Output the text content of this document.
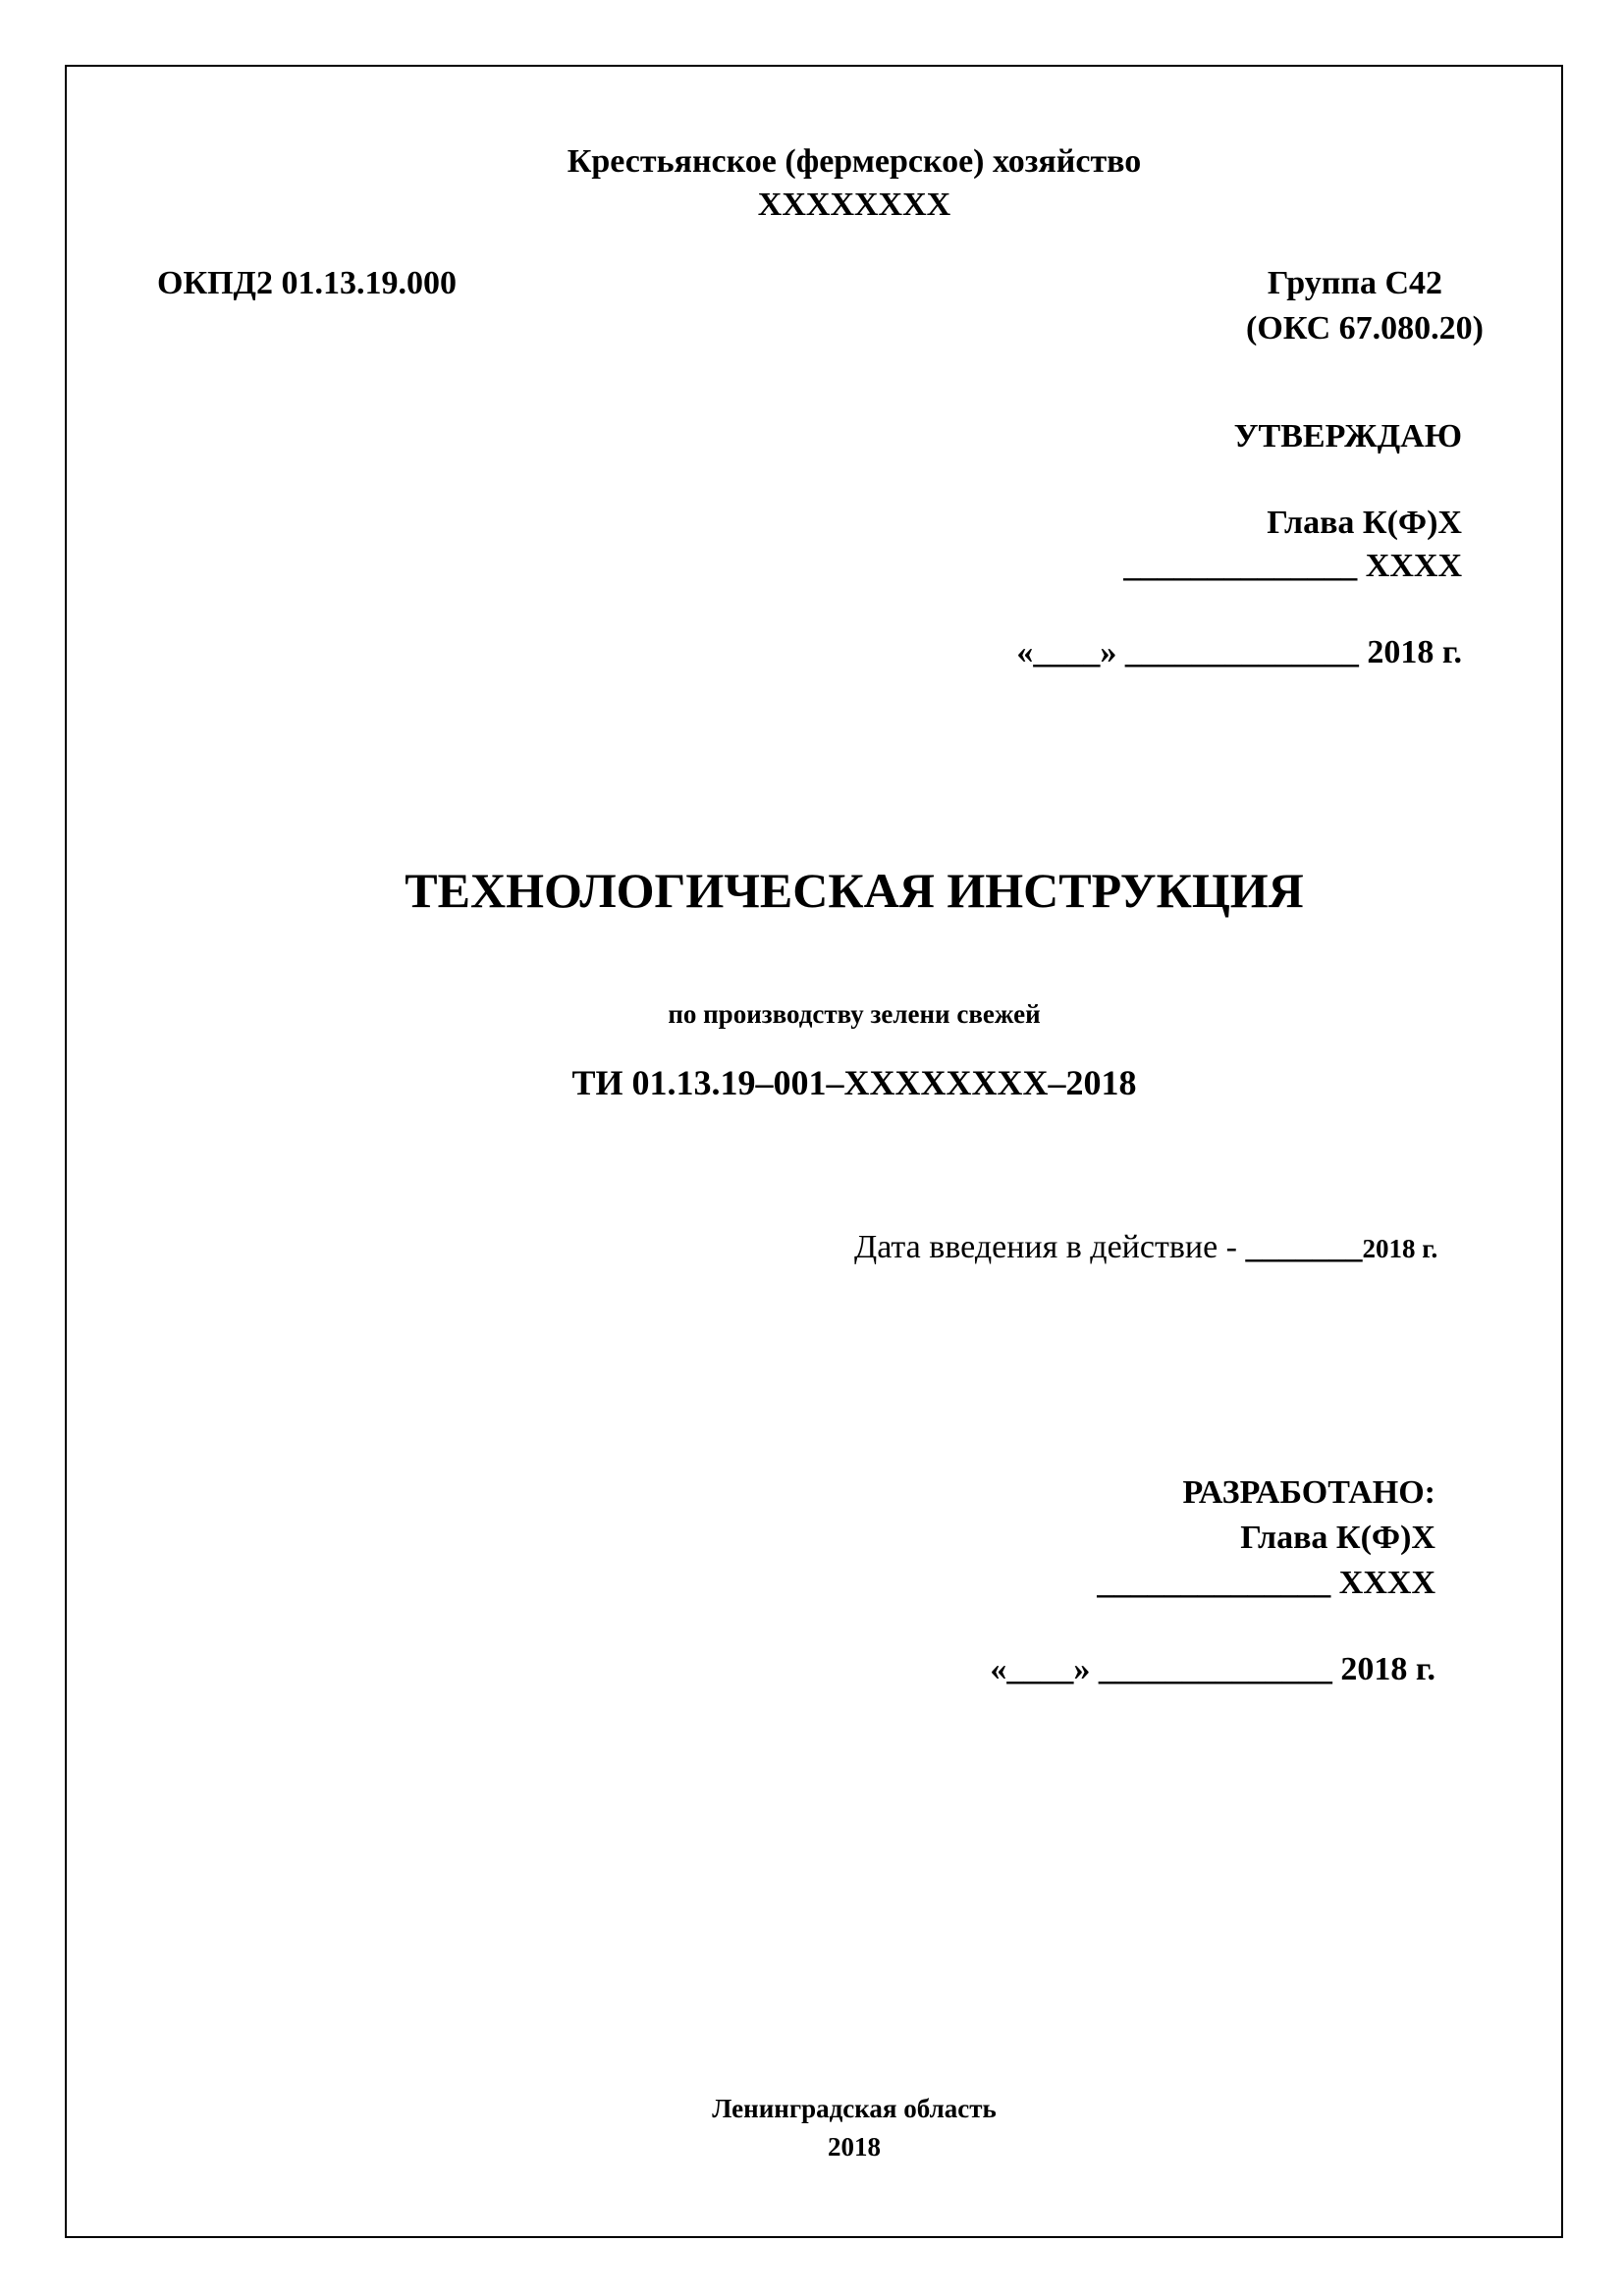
Крестьянское (фермерское) хозяйство
XXXXXXXX
ОКПД2 01.13.19.000	Группа С42
(ОКС 67.080.20)
УТВЕРЖДАЮ
Глава К(Ф)Х
______________ XXXX
«____» ______________ 2018 г.
ТЕХНОЛОГИЧЕСКАЯ ИНСТРУКЦИЯ
по производству зелени свежей
ТИ 01.13.19–001–XXXXXXXX–2018
Дата введения в действие - _______2018 г.
РАЗРАБОТАНО:
Глава К(Ф)Х
______________ XXXX
«____» ______________ 2018 г.
Ленинградская область
2018
